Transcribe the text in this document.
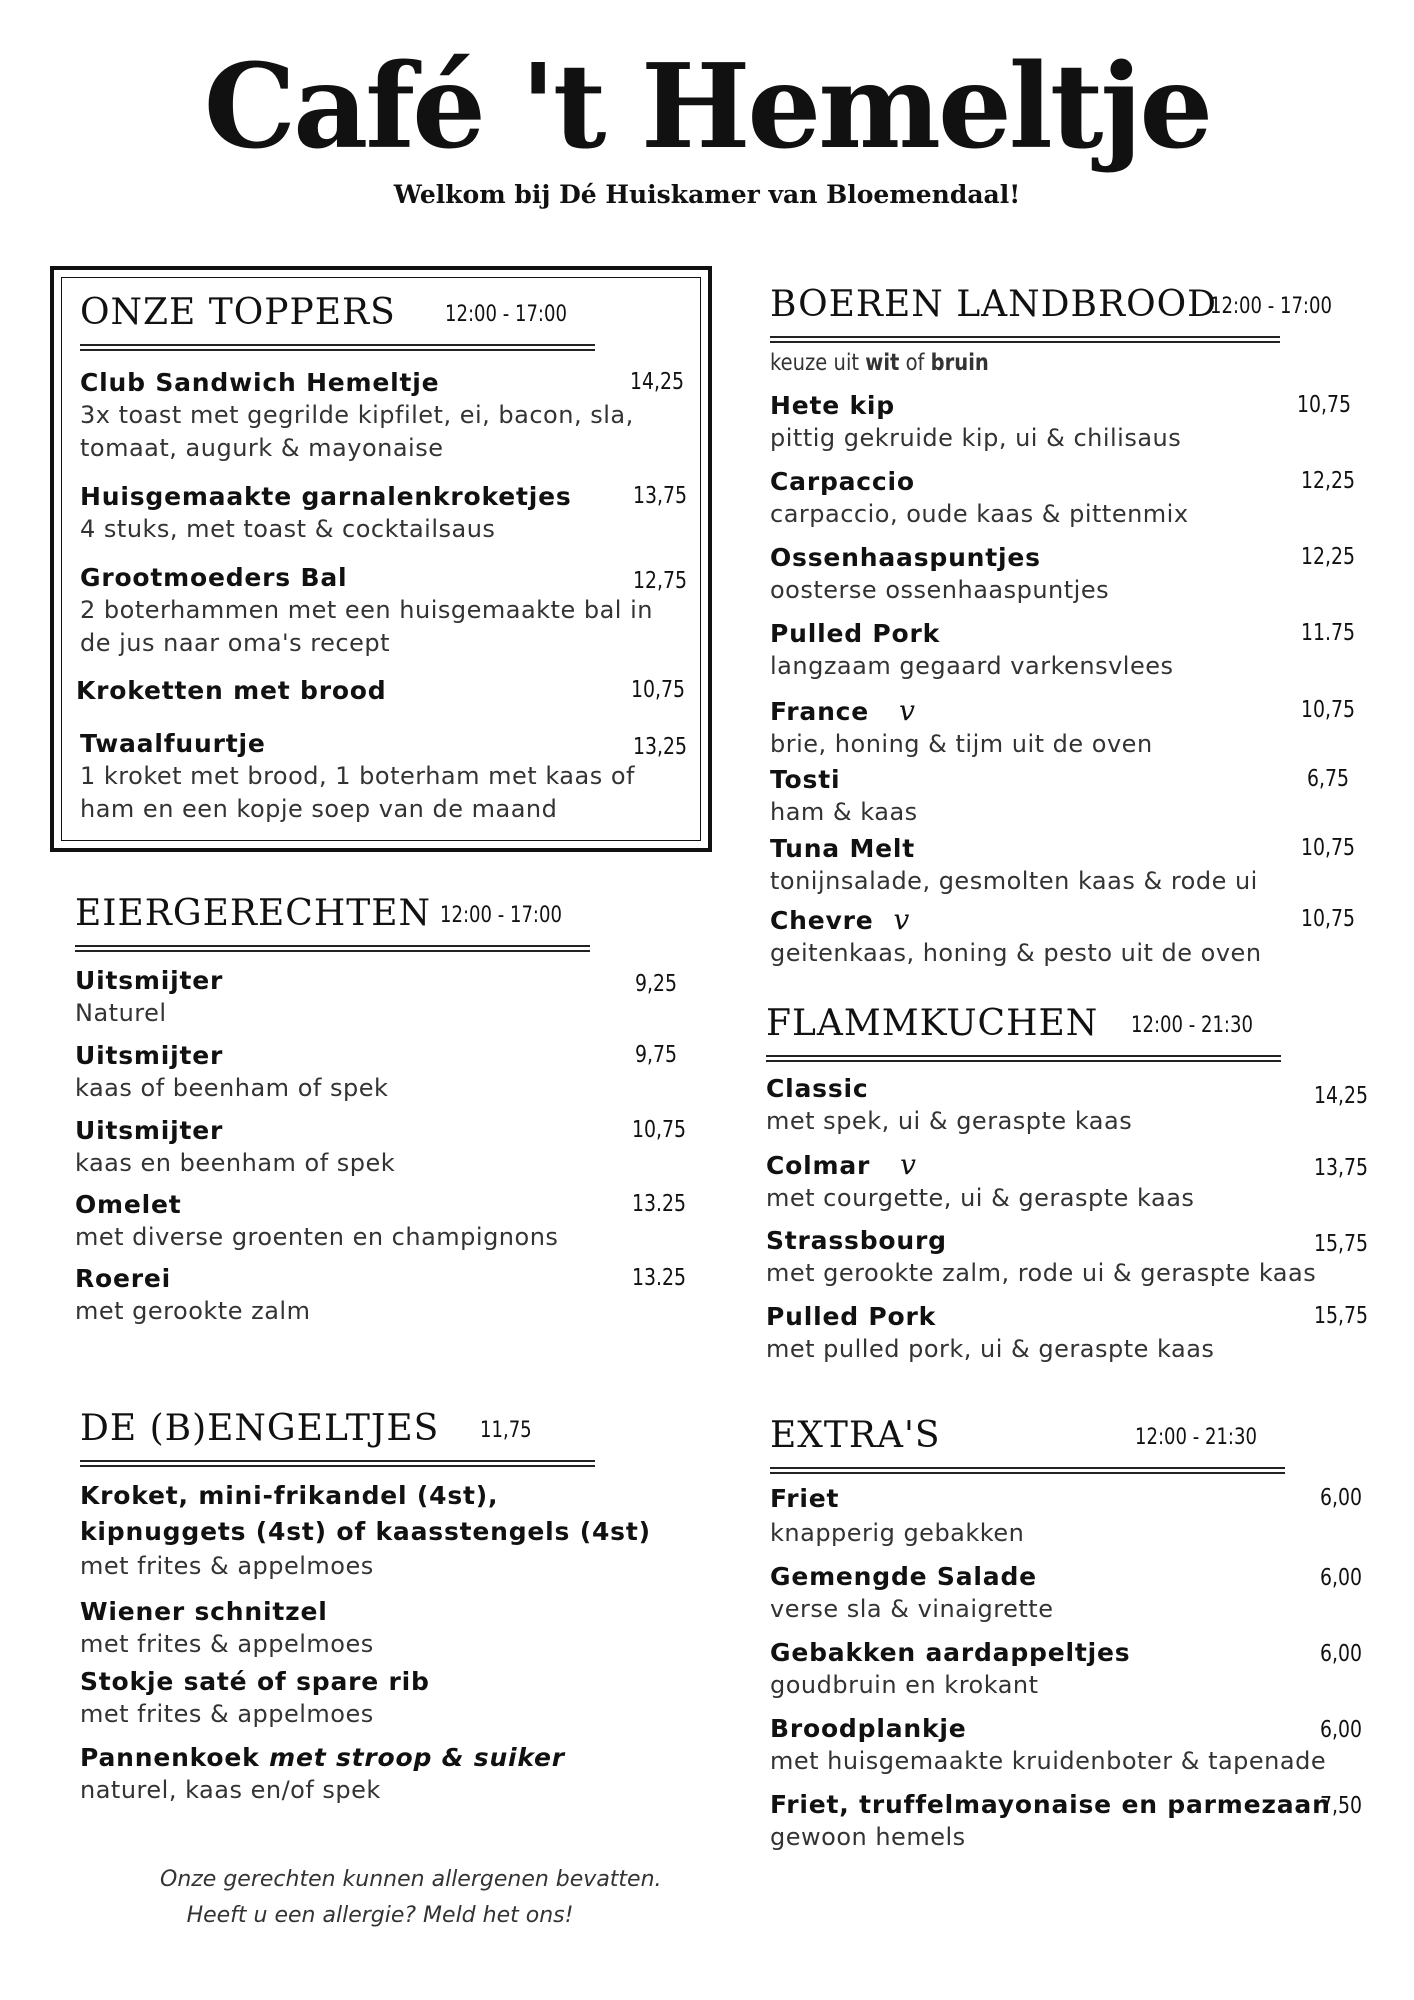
Café 't Hemeltje
Welkom bij Dé Huiskamer van Bloemendaal!
ONZE TOPPERS 12:00 - 17:00
Club Sandwich Hemeltje
3x toast met gegrilde kipfilet, ei, bacon, sla, tomaat, augurk & mayonaise
14,25
Huisgemaakte garnalenkroketjes
4 stuks, met toast & cocktailsaus
13,75
Grootmoeders Bal
2 boterhammen met een huisgemaakte bal in de jus naar oma's recept
12,75
Kroketten met brood	10,75
Twaalfuurtje
1 kroket met brood, 1 boterham met kaas of ham en een kopje soep van de maand
13,25
EIERGERECHTEN 12:00 - 17:00
Uitsmijter
Naturel
9,25
Uitsmijter
kaas of beenham of spek
9,75
Uitsmijter
kaas en beenham of spek
10,75
Omelet
met diverse groenten en champignons
13.25
Roerei
met gerookte zalm
13.25
DE (B)ENGELTJES 11,75
Kroket, mini-frikandel (4st), kipnuggets (4st) of kaasstengels (4st)
met frites & appelmoes
Wiener schnitzel
met frites & appelmoes
Stokje saté of spare rib
met frites & appelmoes
Pannenkoek met stroop & suiker
naturel, kaas en/of spek
Onze gerechten kunnen allergenen bevatten.
Heeft u een allergie? Meld het ons!
BOEREN LANDBROOD
12:00 - 17:00
keuze uit wit of bruin
Hete kip
pittig gekruide kip, ui & chilisaus
10,75
Carpaccio
carpaccio, oude kaas & pittenmix
12,25
Ossenhaaspuntjes
oosterse ossenhaaspuntjes
12,25
Pulled Pork
langzaam gegaard varkensvlees
11.75
France v
brie, honing & tijm uit de oven
10,75
Tosti
ham & kaas
6,75
Tuna Melt
tonijnsalade, gesmolten kaas & rode ui
10,75
Chevre v
geitenkaas, honing & pesto uit de oven
10,75
FLAMMKUCHEN 12:00 - 21:30
Classic
met spek, ui & geraspte kaas
14,25
Colmar v
met courgette, ui & geraspte kaas
13,75
Strassbourg
met gerookte zalm, rode ui & geraspte kaas
15,75
Pulled Pork
met pulled pork, ui & geraspte kaas
15,75
EXTRA'S	12:00 - 21:30
Friet
knapperig gebakken
6,00
Gemengde Salade
verse sla & vinaigrette
6,00
Gebakken aardappeltjes
goudbruin en krokant
6,00
Broodplankje
met huisgemaakte kruidenboter & tapenade
6,00
Friet, truffelmayonaise en parmezaan
gewoon hemels
7,50
